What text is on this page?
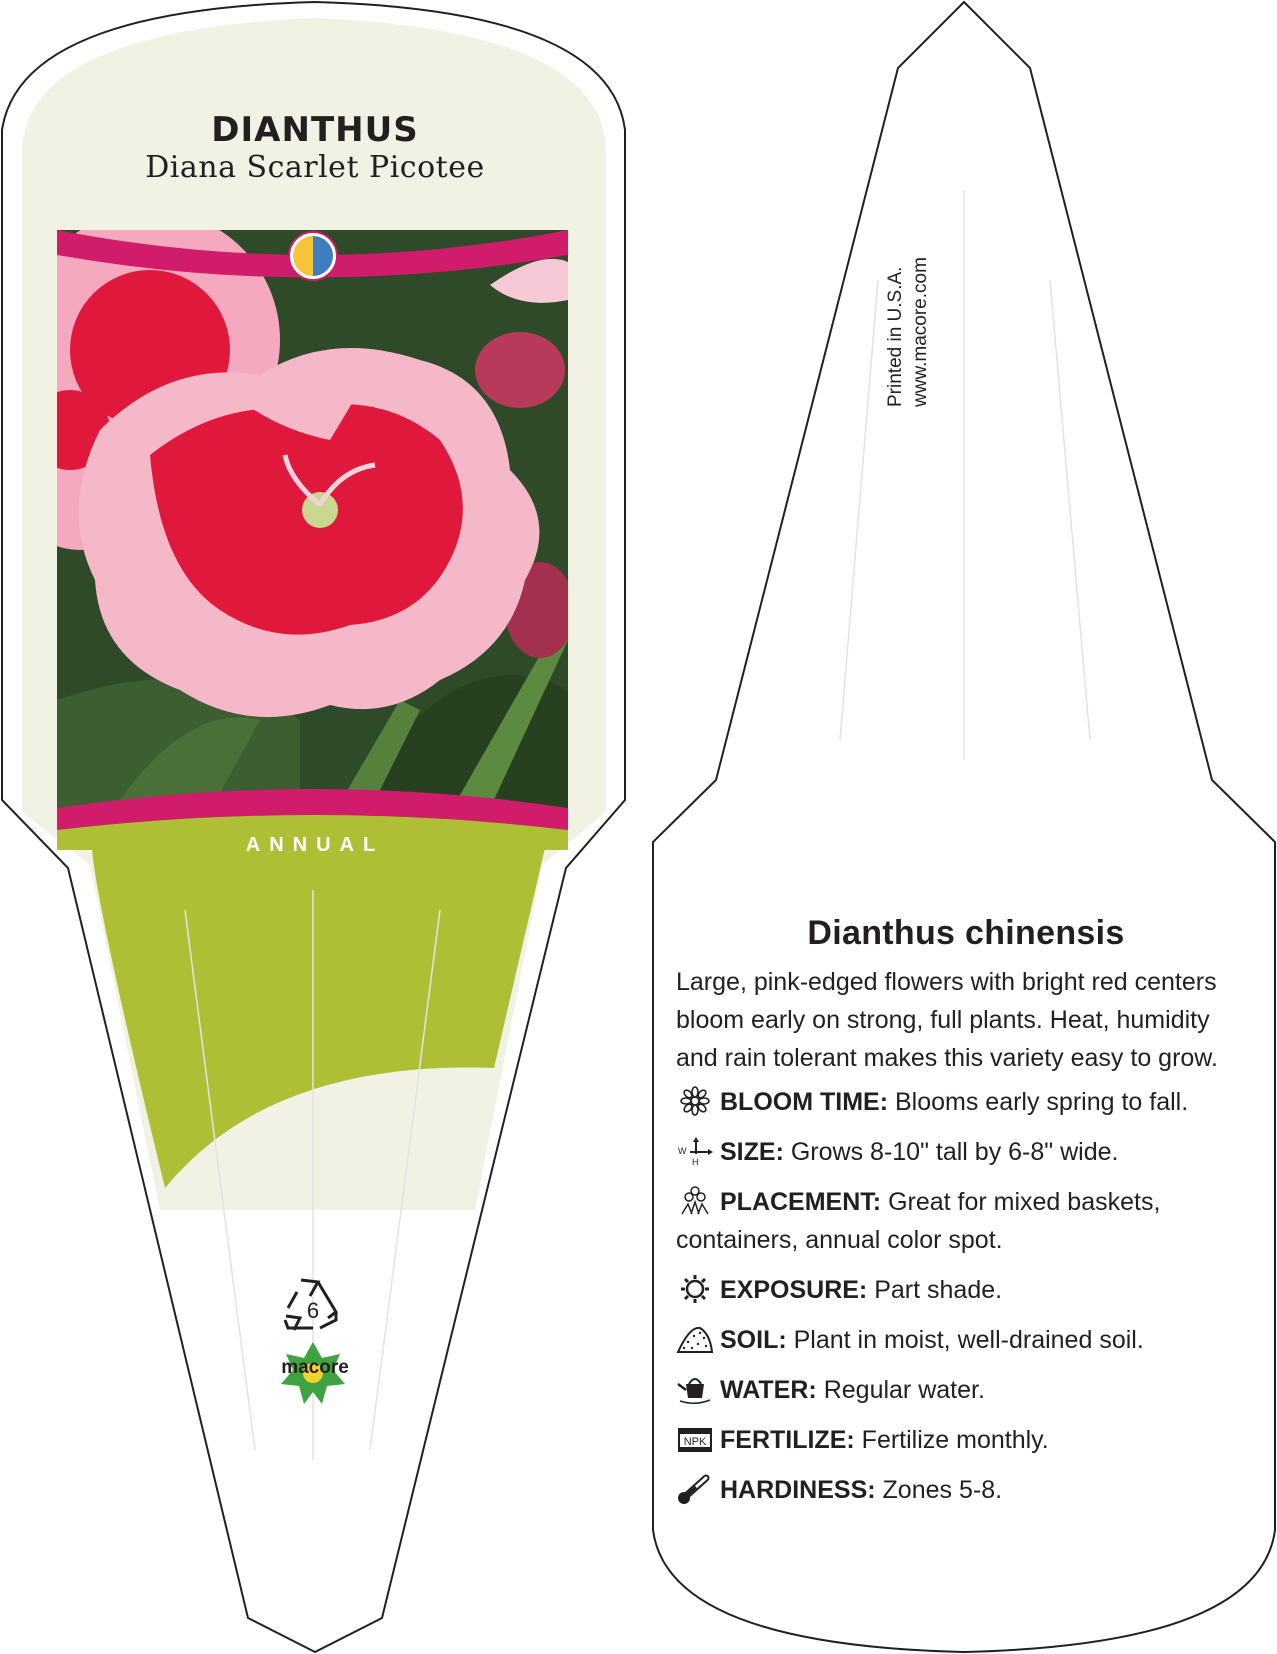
6
DIANTHUS
Diana Scarlet Picotee
ANNUAL
macore
Printed in U.S.A. www.macore.com
Dianthus chinensis
Large, pink-edged flowers with bright red centers bloom early on strong, full plants. Heat, humidity and rain tolerant makes this variety easy to grow.
BLOOM TIME: Blooms early spring to fall.
W
H SIZE: Grows 8-10" tall by 6-8" wide.
PLACEMENT: Great for mixed baskets, containers, annual color spot.
EXPOSURE: Part shade.
SOIL: Plant in moist, well-drained soil.
WATER: Regular water.
NPK FERTILIZE: Fertilize monthly.
HARDINESS: Zones 5-8.
